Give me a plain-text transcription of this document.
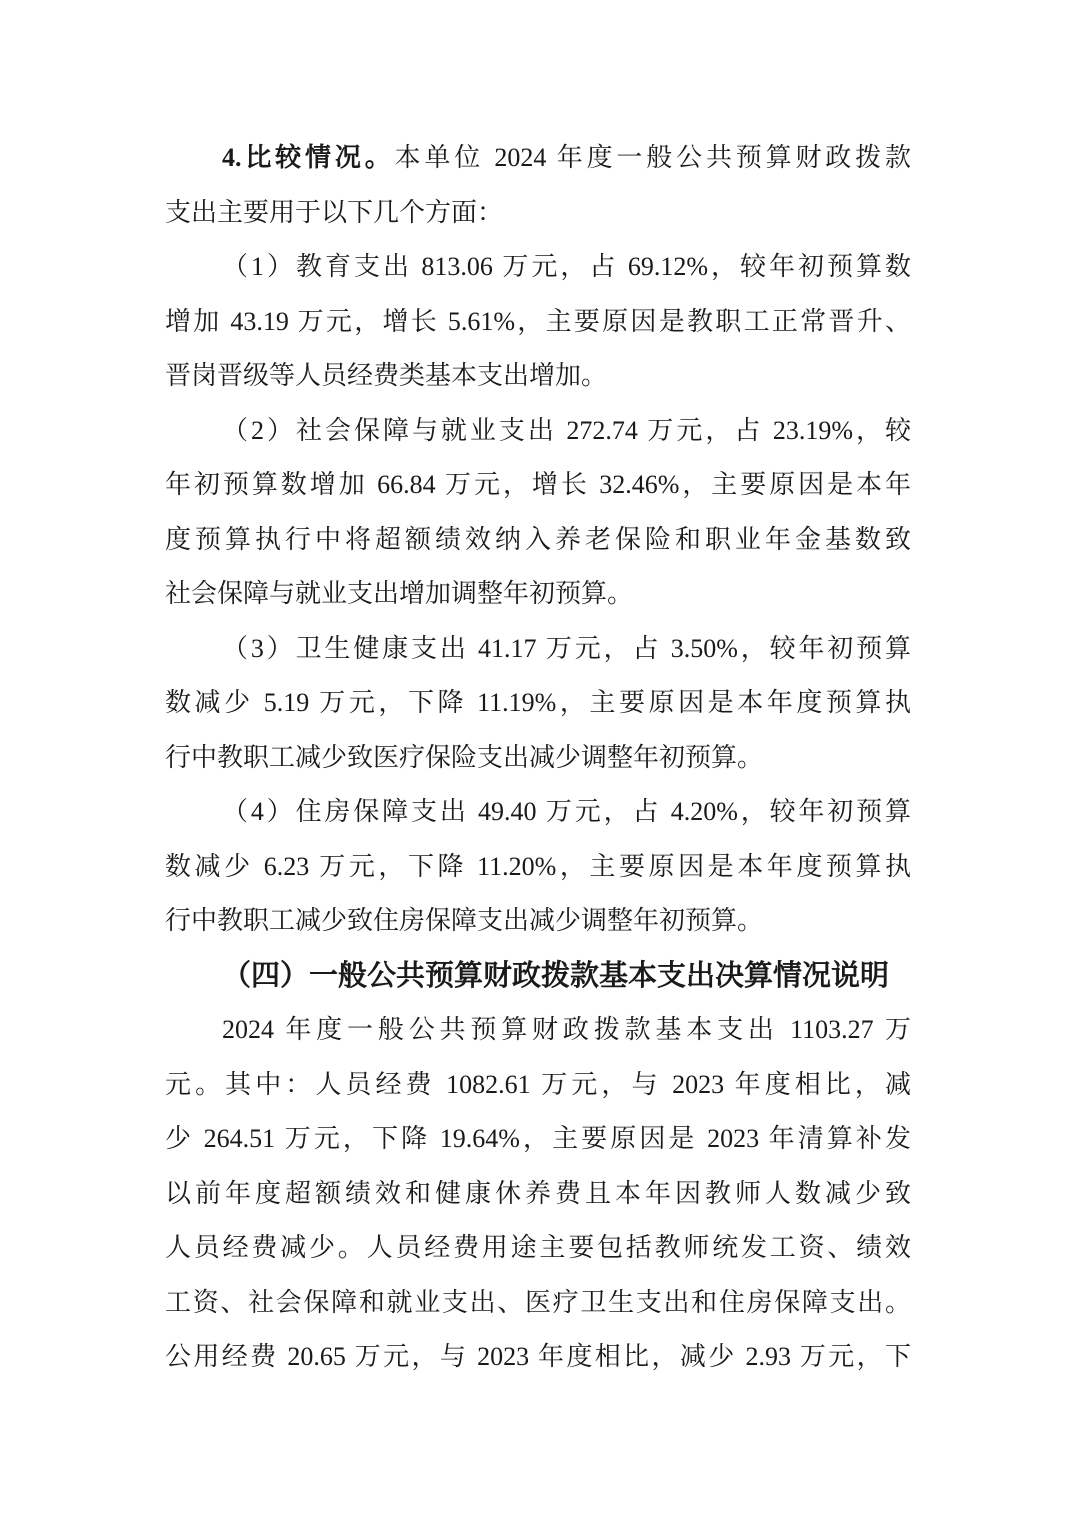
4.比较情况。本单位 2024 年度一般公共预算财政拨款
支出主要用于以下几个方面：
（1）教育支出 813.06 万元，占 69.12%，较年初预算数
增加 43.19 万元，增长 5.61%，主要原因是教职工正常晋升、
晋岗晋级等人员经费类基本支出增加。
（2）社会保障与就业支出 272.74 万元，占 23.19%，较
年初预算数增加 66.84 万元，增长 32.46%，主要原因是本年
度预算执行中将超额绩效纳入养老保险和职业年金基数致
社会保障与就业支出增加调整年初预算。
（3）卫生健康支出 41.17 万元，占 3.50%，较年初预算
数减少 5.19 万元，下降 11.19%，主要原因是本年度预算执
行中教职工减少致医疗保险支出减少调整年初预算。
（4）住房保障支出 49.40 万元，占 4.20%，较年初预算
数减少 6.23 万元，下降 11.20%，主要原因是本年度预算执
行中教职工减少致住房保障支出减少调整年初预算。
（四）一般公共预算财政拨款基本支出决算情况说明
2024 年度一般公共预算财政拨款基本支出 1103.27 万
元。其中：人员经费 1082.61 万元，与 2023 年度相比，减
少 264.51 万元，下降 19.64%，主要原因是 2023 年清算补发
以前年度超额绩效和健康休养费且本年因教师人数减少致
人员经费减少。人员经费用途主要包括教师统发工资、绩效
工资、社会保障和就业支出、医疗卫生支出和住房保障支出。
公用经费 20.65 万元，与 2023 年度相比，减少 2.93 万元，下
